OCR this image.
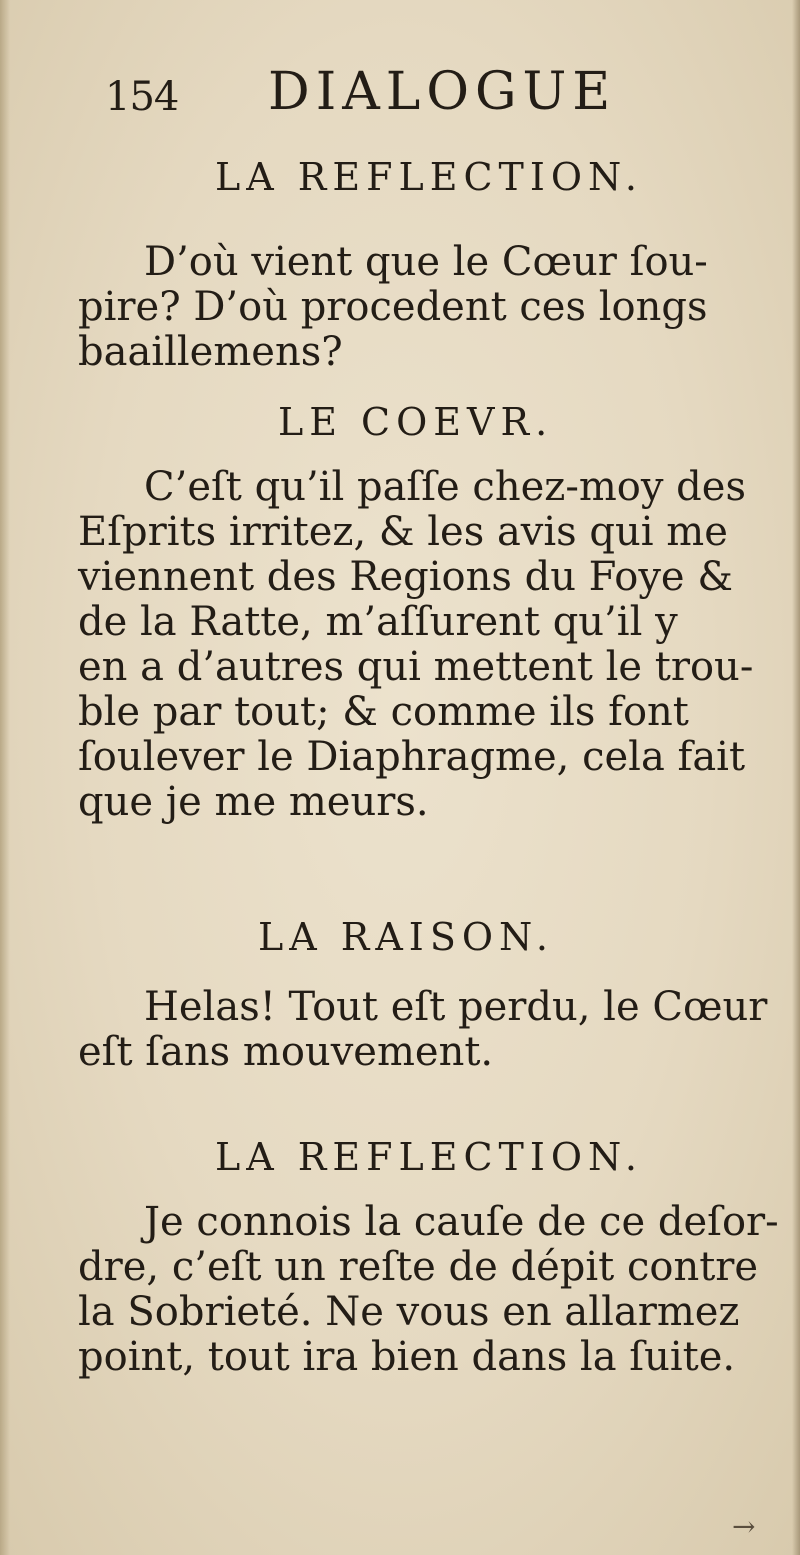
154 DIALOGUE
LA REFLECTION.

D’où vient que le Cœur ſou-
pire? D’où procedent ces longs
baaillemens?

LE COEVR.

C’eſt qu’il paſſe chez-moy des
Eſprits irritez, & les avis qui me
viennent des Regions du Foye &
de la Ratte, m’aſſurent qu’il y
en a d’autres qui mettent le trou-
ble par tout; & comme ils font
ſoulever le Diaphragme, cela fait
que je me meurs.

LA RAISON.

Helas! Tout eſt perdu, le Cœur
eſt ſans mouvement.

LA REFLECTION.

Je connois la cauſe de ce deſor-
dre, c’eſt un reſte de dépit contre
la Sobrieté. Ne vous en allarmez
point, tout ira bien dans la ſuite.

→
